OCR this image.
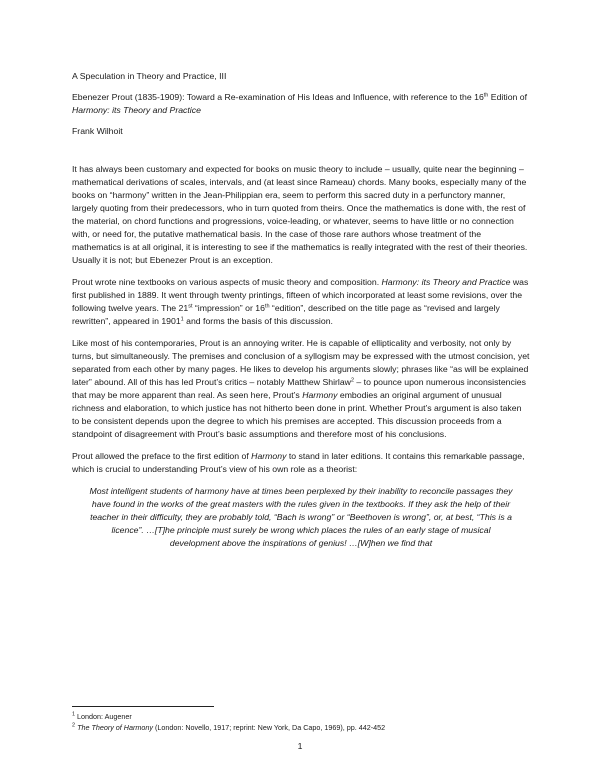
A Speculation in Theory and Practice, III

Ebenezer Prout (1835-1909): Toward a Re-examination of His Ideas and Influence, with reference to the 16th Edition of Harmony: its Theory and Practice

Frank Wilhoit

It has always been customary and expected for books on music theory to include – usually, quite near the beginning – mathematical derivations of scales, intervals, and (at least since Rameau) chords. Many books, especially many of the books on “harmony” written in the Jean-Philippian era, seem to perform this sacred duty in a perfunctory manner, largely quoting from their predecessors, who in turn quoted from theirs. Once the mathematics is done with, the rest of the material, on chord functions and progressions, voice-leading, or whatever, seems to have little or no connection with, or need for, the putative mathematical basis. In the case of those rare authors whose treatment of the mathematics is at all original, it is interesting to see if the mathematics is really integrated with the rest of their theories. Usually it is not; but Ebenezer Prout is an exception.

Prout wrote nine textbooks on various aspects of music theory and composition. Harmony: its Theory and Practice was first published in 1889. It went through twenty printings, fifteen of which incorporated at least some revisions, over the following twelve years. The 21st “impression” or 16th “edition”, described on the title page as “revised and largely rewritten”, appeared in 1901$^1$ and forms the basis of this discussion.

Like most of his contemporaries, Prout is an annoying writer. He is capable of ellipticality and verbosity, not only by turns, but simultaneously. The premises and conclusion of a syllogism may be expressed with the utmost concision, yet separated from each other by many pages. He likes to develop his arguments slowly; phrases like “as will be explained later” abound. All of this has led Prout’s critics – notably Matthew Shirlaw$^2$ – to pounce upon numerous inconsistencies that may be more apparent than real. As seen here, Prout’s Harmony embodies an original argument of unusual richness and elaboration, to which justice has not hitherto been done in print. Whether Prout’s argument is also taken to be consistent depends upon the degree to which his premises are accepted. This discussion proceeds from a standpoint of disagreement with Prout’s basic assumptions and therefore most of his conclusions.

Prout allowed the preface to the first edition of Harmony to stand in later editions. It contains this remarkable passage, which is crucial to understanding Prout’s view of his own role as a theorist:

Most intelligent students of harmony have at times been perplexed by their inability to reconcile passages they have found in the works of the great masters with the rules given in the textbooks. If they ask the help of their teacher in their difficulty, they are probably told, “Bach is wrong” or “Beethoven is wrong”, or, at best, “This is a licence”. …[T]he principle must surely be wrong which places the rules of an early stage of musical development above the inspirations of genius! …[W]hen we find that

$^1$ London: Augener

$^2$ The Theory of Harmony (London: Novello, 1917; reprint: New York, Da Capo, 1969), pp. 442-452

1
